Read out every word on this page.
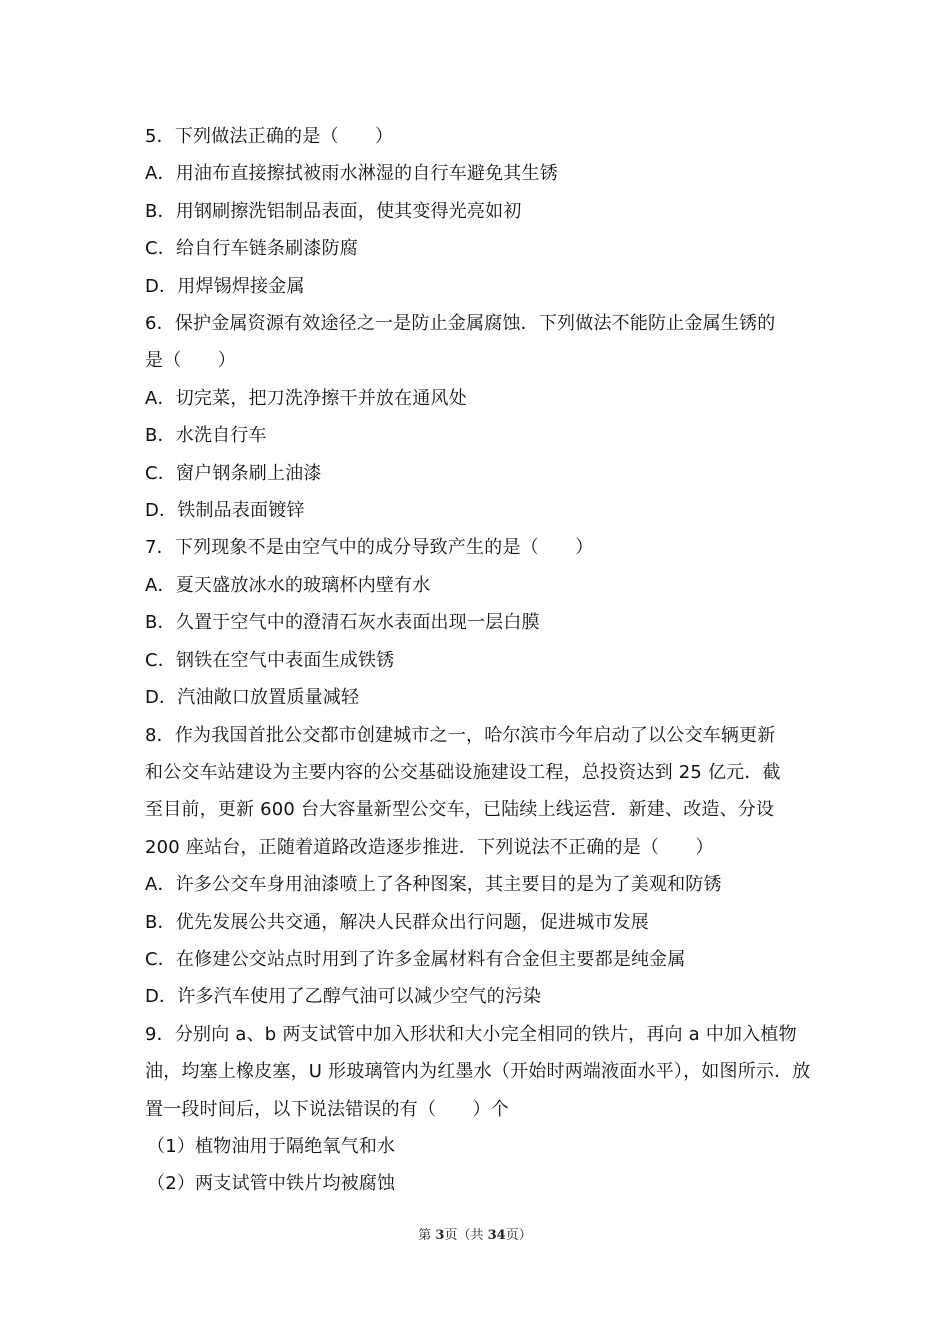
5．下列做法正确的是（　　）
A．用油布直接擦拭被雨水淋湿的自行车避免其生锈
B．用钢刷擦洗铝制品表面，使其变得光亮如初
C．给自行车链条刷漆防腐
D．用焊锡焊接金属
6．保护金属资源有效途径之一是防止金属腐蚀．下列做法不能防止金属生锈的
是（　　）
A．切完菜，把刀洗净擦干并放在通风处
B．水洗自行车
C．窗户钢条刷上油漆
D．铁制品表面镀锌
7．下列现象不是由空气中的成分导致产生的是（　　）
A．夏天盛放冰水的玻璃杯内壁有水
B．久置于空气中的澄清石灰水表面出现一层白膜
C．钢铁在空气中表面生成铁锈
D．汽油敞口放置质量减轻
8．作为我国首批公交都市创建城市之一，哈尔滨市今年启动了以公交车辆更新
和公交车站建设为主要内容的公交基础设施建设工程，总投资达到 25 亿元．截
至目前，更新 600 台大容量新型公交车，已陆续上线运营．新建、改造、分设
200 座站台，正随着道路改造逐步推进．下列说法不正确的是（　　）
A．许多公交车身用油漆喷上了各种图案，其主要目的是为了美观和防锈
B．优先发展公共交通，解决人民群众出行问题，促进城市发展
C．在修建公交站点时用到了许多金属材料有合金但主要都是纯金属
D．许多汽车使用了乙醇气油可以减少空气的污染
9．分别向 a、b 两支试管中加入形状和大小完全相同的铁片，再向 a 中加入植物
油，均塞上橡皮塞，U 形玻璃管内为红墨水（开始时两端液面水平），如图所示．放
置一段时间后，以下说法错误的有（　　）个
（1）植物油用于隔绝氧气和水
（2）两支试管中铁片均被腐蚀
第 3页（共 34页）
